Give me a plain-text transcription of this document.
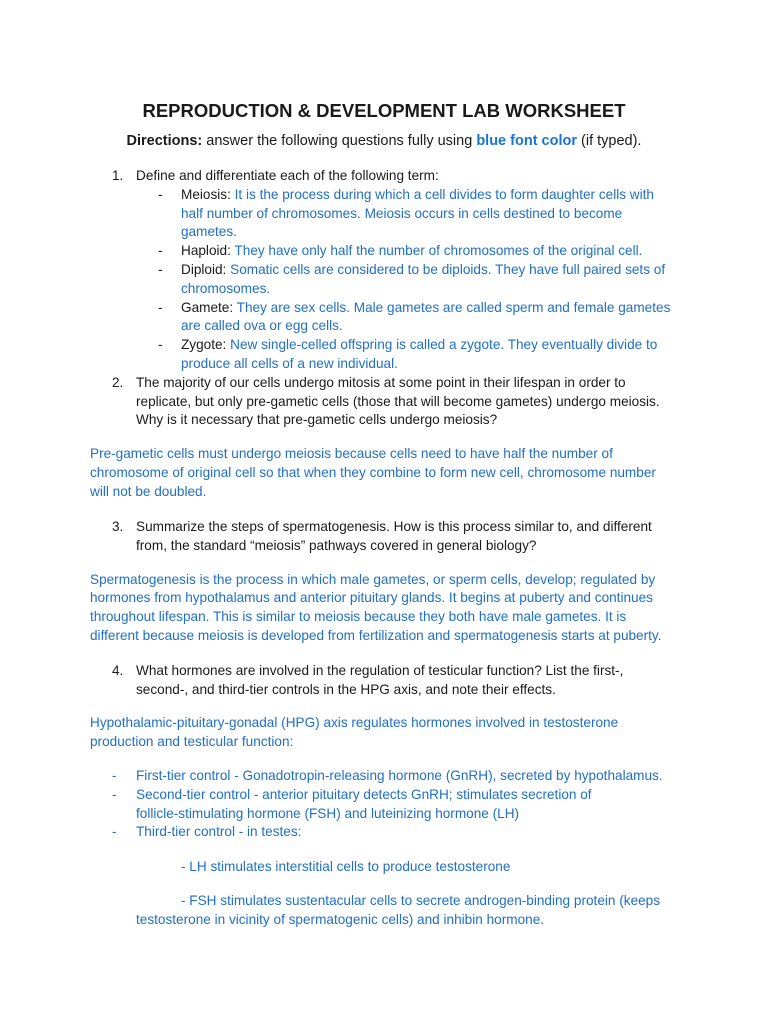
REPRODUCTION & DEVELOPMENT LAB WORKSHEET
Directions: answer the following questions fully using blue font color (if typed).
1. Define and differentiate each of the following term:
- Meiosis: It is the process during which a cell divides to form daughter cells with
half number of chromosomes. Meiosis occurs in cells destined to become
gametes.
- Haploid: They have only half the number of chromosomes of the original cell.
- Diploid: Somatic cells are considered to be diploids. They have full paired sets of
chromosomes.
- Gamete: They are sex cells. Male gametes are called sperm and female gametes
are called ova or egg cells.
- Zygote: New single-celled offspring is called a zygote. They eventually divide to
produce all cells of a new individual.
2. The majority of our cells undergo mitosis at some point in their lifespan in order to
replicate, but only pre-gametic cells (those that will become gametes) undergo meiosis.
Why is it necessary that pre-gametic cells undergo meiosis?
Pre-gametic cells must undergo meiosis because cells need to have half the number of
chromosome of original cell so that when they combine to form new cell, chromosome number
will not be doubled.
3. Summarize the steps of spermatogenesis. How is this process similar to, and different
from, the standard “meiosis” pathways covered in general biology?
Spermatogenesis is the process in which male gametes, or sperm cells, develop; regulated by
hormones from hypothalamus and anterior pituitary glands. It begins at puberty and continues
throughout lifespan. This is similar to meiosis because they both have male gametes. It is
different because meiosis is developed from fertilization and spermatogenesis starts at puberty.
4. What hormones are involved in the regulation of testicular function? List the first-,
second-, and third-tier controls in the HPG axis, and note their effects.
Hypothalamic-pituitary-gonadal (HPG) axis regulates hormones involved in testosterone
production and testicular function:
- First-tier control - Gonadotropin-releasing hormone (GnRH), secreted by hypothalamus.
- Second-tier control - anterior pituitary detects GnRH; stimulates secretion of
follicle-stimulating hormone (FSH) and luteinizing hormone (LH)
- Third-tier control - in testes:
- LH stimulates interstitial cells to produce testosterone
- FSH stimulates sustentacular cells to secrete androgen-binding protein (keeps
testosterone in vicinity of spermatogenic cells) and inhibin hormone.
